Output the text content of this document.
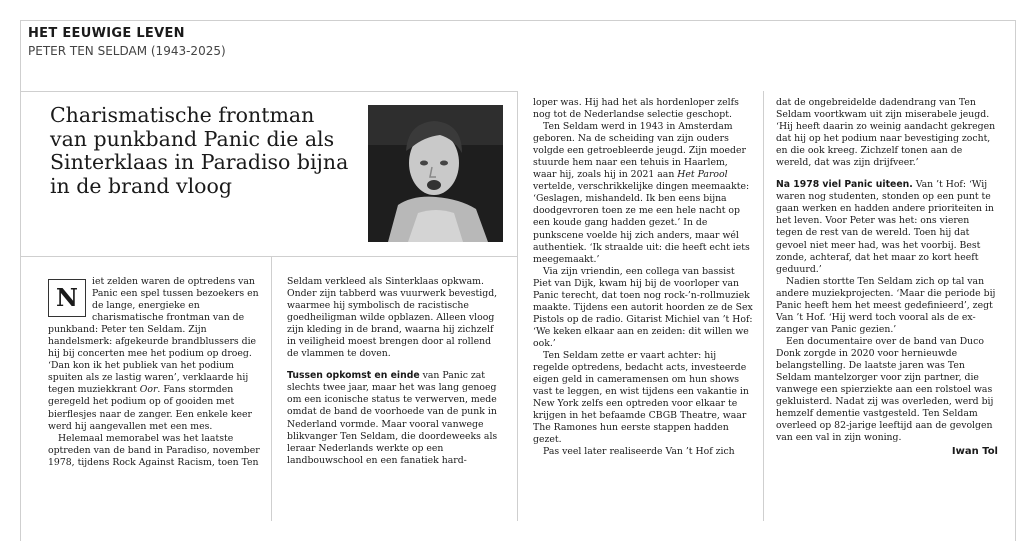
HET EEUWIGE LEVEN
PETER TEN SELDAM (1943-2025)
Charismatische frontman van punkband Panic die als Sinterklaas in Paradiso bijna in de brand vloog

N
iet zelden waren de optredens van Panic een spel tussen bezoekers en de lange, energieke en charismatische frontman van de punkband: Peter ten Seldam. Zijn handelsmerk: afgekeurde brandblussers die hij bij concerten mee het podium op droeg. ‘Dan kon ik het publiek van het podium spuiten als ze lastig waren’, verklaarde hij tegen muziekkrant Oor. Fans stormden geregeld het podium op of gooiden met bierflesjes naar de zanger. Een enkele keer werd hij aangevallen met een mes.

Helemaal memorabel was het laatste optreden van de band in Paradiso, november 1978, tijdens Rock Against Racism, toen Ten

Seldam verkleed als Sinterklaas opkwam. Onder zijn tabberd was vuurwerk bevestigd, waarmee hij symbolisch de racistische goedheiligman wilde opblazen. Alleen vloog zijn kleding in de brand, waarna hij zichzelf in veiligheid moest brengen door al rollend de vlammen te doven.

Tussen opkomst en einde van Panic zat slechts twee jaar, maar het was lang genoeg om een iconische status te verwerven, mede omdat de band de voorhoede van de punk in Nederland vormde. Maar vooral vanwege blikvanger Ten Seldam, die doordeweeks als leraar Nederlands werkte op een landbouwschool en een fanatiek hard-

loper was. Hij had het als hordenloper zelfs nog tot de Nederlandse selectie geschopt.

Ten Seldam werd in 1943 in Amsterdam geboren. Na de scheiding van zijn ouders volgde een getroebleerde jeugd. Zijn moeder stuurde hem naar een tehuis in Haarlem, waar hij, zoals hij in 2021 aan Het Parool vertelde, verschrikkelijke dingen meemaakte: ‘Geslagen, mishandeld. Ik ben eens bijna doodgevroren toen ze me een hele nacht op een koude gang hadden gezet.’ In de punkscene voelde hij zich anders, maar wél authentiek. ‘Ik straalde uit: die heeft echt iets meegemaakt.’

Via zijn vriendin, een collega van bassist Piet van Dijk, kwam hij bij de voorloper van Panic terecht, dat toen nog rock-’n-rollmuziek maakte. Tijdens een autorit hoorden ze de Sex Pistols op de radio. Gitarist Michiel van ’t Hof: ‘We keken elkaar aan en zeiden: dit willen we ook.’

Ten Seldam zette er vaart achter: hij regelde optredens, bedacht acts, investeerde eigen geld in cameramensen om hun shows vast te leggen, en wist tijdens een vakantie in New York zelfs een optreden voor elkaar te krijgen in het befaamde CBGB Theatre, waar The Ramones hun eerste stappen hadden gezet.

Pas veel later realiseerde Van ’t Hof zich

dat de ongebreidelde dadendrang van Ten Seldam voortkwam uit zijn miserabele jeugd. ‘Hij heeft daarin zo weinig aandacht gekregen dat hij op het podium naar bevestiging zocht, en die ook kreeg. Zichzelf tonen aan de wereld, dat was zijn drijfveer.’

Na 1978 viel Panic uiteen. Van ’t Hof: ‘Wij waren nog studenten, stonden op een punt te gaan werken en hadden andere prioriteiten in het leven. Voor Peter was het: ons vieren tegen de rest van de wereld. Toen hij dat gevoel niet meer had, was het voorbij. Best zonde, achteraf, dat het maar zo kort heeft geduurd.’

Nadien stortte Ten Seldam zich op tal van andere muziekprojecten. ‘Maar die periode bij Panic heeft hem het meest gedefinieerd’, zegt Van ’t Hof. ‘Hij werd toch vooral als de ex-zanger van Panic gezien.’

Een documentaire over de band van Duco Donk zorgde in 2020 voor hernieuwde belangstelling. De laatste jaren was Ten Seldam mantelzorger voor zijn partner, die vanwege een spierziekte aan een rolstoel was gekluisterd. Nadat zij was overleden, werd bij hemzelf dementie vastgesteld. Ten Seldam overleed op 82-jarige leeftijd aan de gevolgen van een val in zijn woning.

Iwan Tol
